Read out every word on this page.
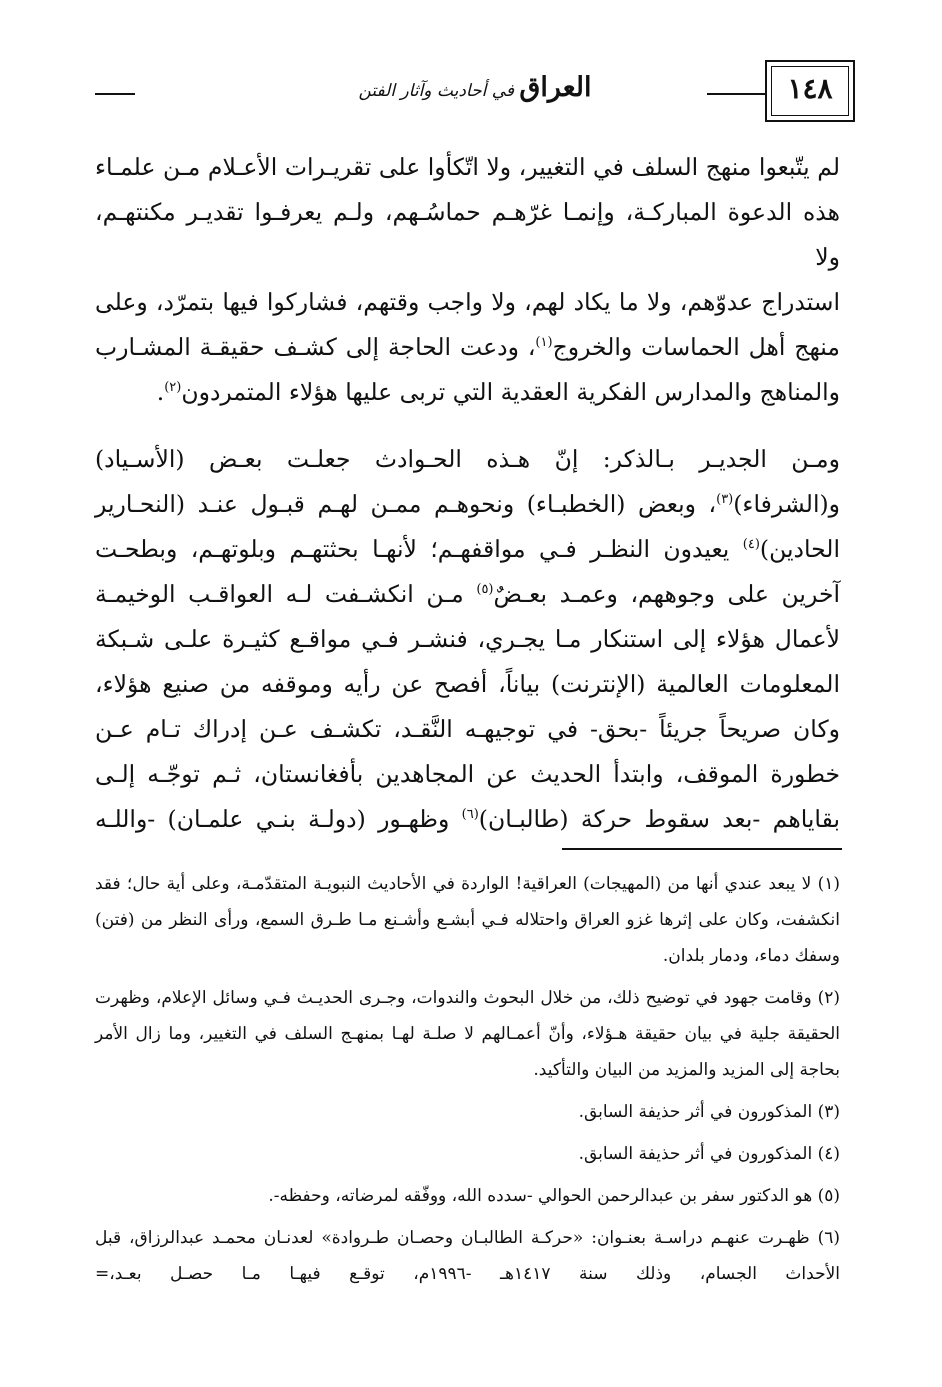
العراق في أحاديث وآثار الفتن	١٤٨

لم يتّبعوا منهج السلف في التغيير، ولا اتّكأوا على تقريـرات الأعـلام مـن علمـاء

هذه الدعوة المباركـة، وإنمـا غرّهـم حماسُـهم، ولـم يعرفـوا تقديـر مكنتهـم، ولا

استدراج عدوّهم، ولا ما يكاد لهم، ولا واجب وقتهم، فشاركوا فيها بتمرّد، وعلى

منهج أهل الحماسات والخروج$^{(١)}$، ودعت الحاجة إلى كشـف حقيقـة المشـارب

والمناهج والمدارس الفكرية العقدية التي تربى عليها هؤلاء المتمردون$^{(٢)}$.

ومـن الجديـر بـالذكر: إنّ هـذه الحـوادث جعلـت بعـض (الأسـياد)

و(الشرفاء)$^{(٣)}$، وبعض (الخطبـاء) ونحوهـم ممـن لهـم قبـول عنـد (النحـارير

الحادين)$^{(٤)}$ يعيدون النظـر فـي مواقفهـم؛ لأنهـا بحثتهـم وبلوتهـم، وبطحـت

آخرين على وجوههم، وعمـد بعـضٌ$^{(٥)}$ مـن انكشـفت لـه العواقـب الوخيمـة

لأعمال هؤلاء إلى استنكار مـا يجـري، فنشـر فـي مواقـع كثيـرة علـى شـبكة

المعلومات العالمية (الإنترنت) بياناً، أفصح عن رأيه وموقفه من صنيع هؤلاء،

وكان صريحاً جريئاً -بحق- في توجيهـه النَّقـد، تكشـف عـن إدراك تـام عـن

خطورة الموقف، وابتدأ الحديث عن المجاهدين بأفغانستان، ثـم توجّـه إلـى

بقاياهم -بعد سقوط حركة (طالبـان)$^{(٦)}$ وظهـور (دولـة بنـي علمـان) -واللـه

(١) لا يبعد عندي أنها من (المهيجات) العراقية! الواردة في الأحاديث النبويـة المتقدّمـة، وعلى أية حال؛ فقد انكشفت، وكان على إثرها غزو العراق واحتلاله فـي أبشـع وأشـنع مـا طـرق السمع، ورأى النظر من (فتن) وسفك دماء، ودمار بلدان.

(٢) وقامت جهود في توضيح ذلك، من خلال البحوث والندوات، وجـرى الحديـث فـي وسائل الإعلام، وظهرت الحقيقة جلية في بيان حقيقة هـؤلاء، وأنّ أعمـالهم لا صلـة لهـا بمنهـج السلف في التغيير، وما زال الأمر بحاجة إلى المزيد والمزيد من البيان والتأكيد.

(٣) المذكورون في أثر حذيفة السابق.

(٤) المذكورون في أثر حذيفة السابق.

(٥) هو الدكتور سفر بن عبدالرحمن الحوالي -سدده الله، ووفّقه لمرضاته، وحفظه-.

(٦) ظهـرت عنهـم دراسـة بعنـوان: «حركـة الطالبـان وحصـان طـروادة» لعدنـان محمـد عبدالرزاق، قبل الأحداث الجسام، وذلك سنة ١٤١٧هـ -١٩٩٦م، توقـع فيهـا مـا حصـل بعـد،=
